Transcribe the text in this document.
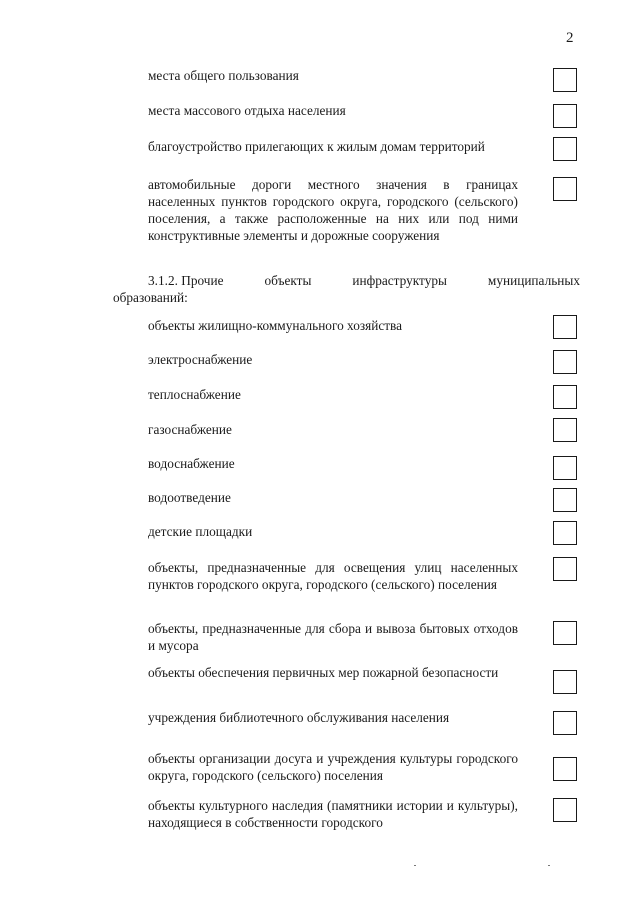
2
места общего пользования
места массового отдыха населения
благоустройство прилегающих к жилым домам территорий
автомобильные дороги местного значения в границах населенных пунктов городского округа, городского (сельского) поселения, а также расположенные на них или под ними конструктивные элементы и дорожные сооружения
3.1.2. Прочие	объекты	инфраструктуры	муниципальных
образований:
объекты жилищно-коммунального хозяйства
электроснабжение
теплоснабжение
газоснабжение
водоснабжение
водоотведение
детские площадки
объекты, предназначенные для освещения улиц населенных пунктов городского округа, городского (сельского) поселения
объекты, предназначенные для сбора и вывоза бытовых отходов и мусора
объекты обеспечения первичных мер пожарной безопасности
учреждения библиотечного обслуживания населения
объекты организации досуга и учреждения культуры городского округа, городского (сельского) поселения
объекты культурного наследия (памятники истории и культуры), находящиеся в собственности городского
